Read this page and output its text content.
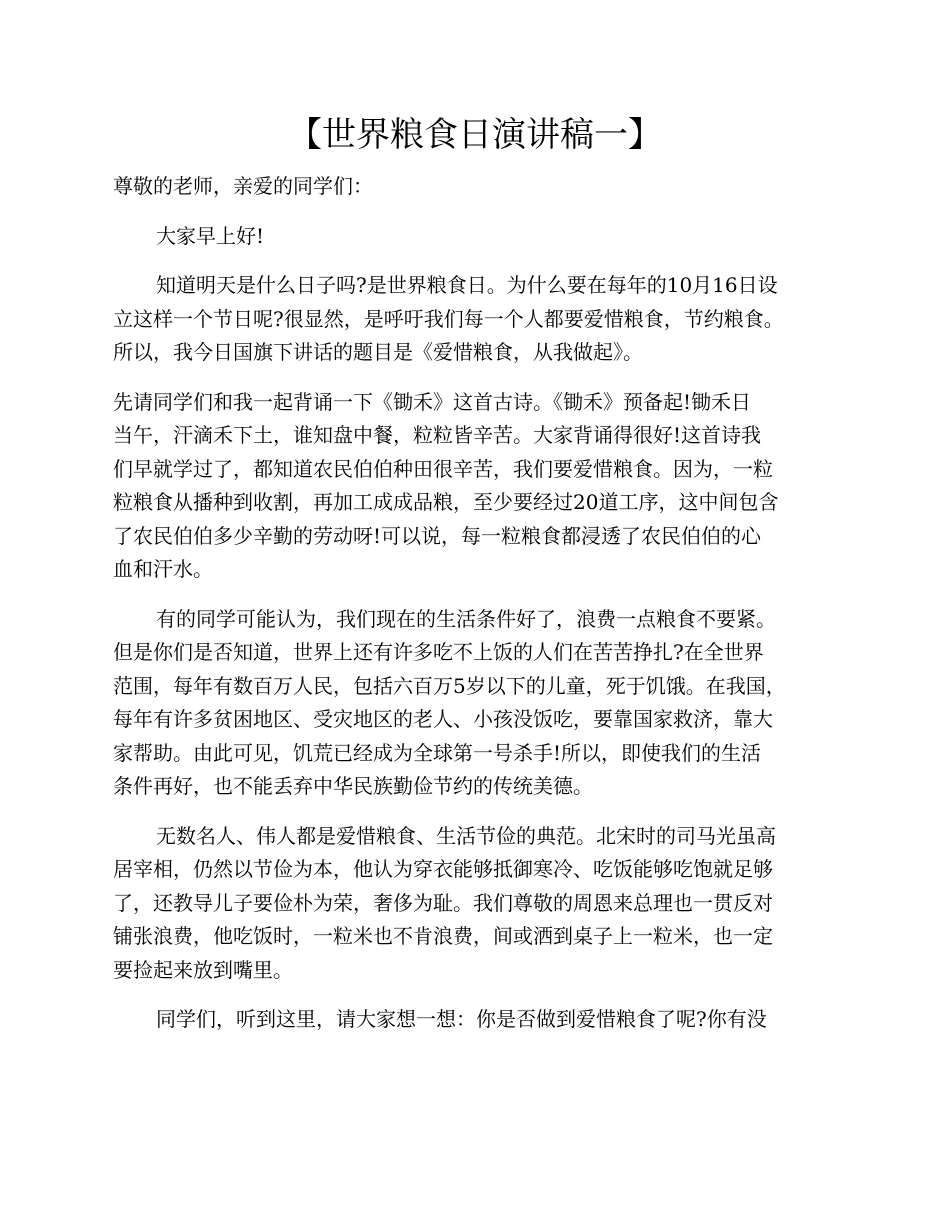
【世界粮食日演讲稿一】
尊敬的老师，亲爱的同学们：
大家早上好!
知道明天是什么日子吗?是世界粮食日。为什么要在每年的10月16日设
立这样一个节日呢?很显然，是呼吁我们每一个人都要爱惜粮食，节约粮食。
所以，我今日国旗下讲话的题目是《爱惜粮食，从我做起》。
先请同学们和我一起背诵一下《锄禾》这首古诗。《锄禾》预备起!锄禾日
当午，汗滴禾下土，谁知盘中餐，粒粒皆辛苦。大家背诵得很好!这首诗我
们早就学过了，都知道农民伯伯种田很辛苦，我们要爱惜粮食。因为，一粒
粒粮食从播种到收割，再加工成成品粮，至少要经过20道工序，这中间包含
了农民伯伯多少辛勤的劳动呀!可以说，每一粒粮食都浸透了农民伯伯的心
血和汗水。
有的同学可能认为，我们现在的生活条件好了，浪费一点粮食不要紧。
但是你们是否知道，世界上还有许多吃不上饭的人们在苦苦挣扎?在全世界
范围，每年有数百万人民，包括六百万5岁以下的儿童，死于饥饿。在我国，
每年有许多贫困地区、受灾地区的老人、小孩没饭吃，要靠国家救济，靠大
家帮助。由此可见，饥荒已经成为全球第一号杀手!所以，即使我们的生活
条件再好，也不能丢弃中华民族勤俭节约的传统美德。
无数名人、伟人都是爱惜粮食、生活节俭的典范。北宋时的司马光虽高
居宰相，仍然以节俭为本，他认为穿衣能够抵御寒冷、吃饭能够吃饱就足够
了，还教导儿子要俭朴为荣，奢侈为耻。我们尊敬的周恩来总理也一贯反对
铺张浪费，他吃饭时，一粒米也不肯浪费，间或洒到桌子上一粒米，也一定
要捡起来放到嘴里。
同学们，听到这里，请大家想一想：你是否做到爱惜粮食了呢?你有没
